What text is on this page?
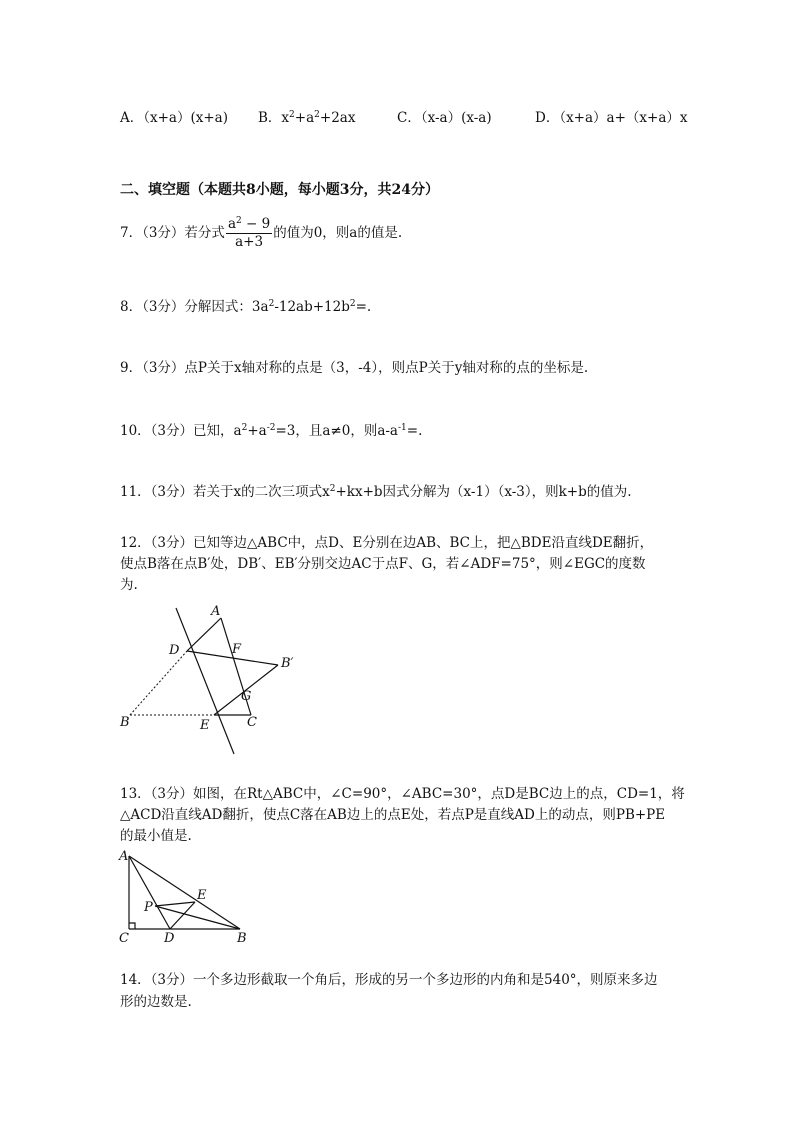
A．（x+a）(x+a) B．$x^2+a^2+2ax$	C．（x-a）(x-a)	D．（x+a）a+（x+a）x
二、填空题（本题共8小题，每小题3分，共24分）
7．（3分）若分式 $\frac{a^2 - 9}{a+3}$ 的值为0，则a的值是.
8．（3分）分解因式：$3a^2-12ab+12b^2=$.
9．（3分）点P关于x轴对称的点是（3，-4），则点P关于y轴对称的点的坐标是.
10．（3分）已知，$a^2+a^{-2}=3$，且a≠0，则$a-a^{-1}=$.
11．（3分）若关于x的二次三项式$x^2+kx+b$因式分解为（x-1）（x-3），则k+b的值为.
12．（3分）已知等边△ABC中，点D、E分别在边AB、BC上，把△BDE沿直线DE翻折，
使点B落在点B′处，DB′、EB′分别交边AC于点F、G，若∠ADF=75°，则∠EGC的度数
为.
A
D	F
B′
G
B	E	C
13．（3分）如图，在Rt△ABC中，∠C=90°，∠ABC=30°，点D是BC边上的点，CD=1，将
△ACD沿直线AD翻折，使点C落在AB边上的点E处，若点P是直线AD上的动点，则PB+PE
的最小值是.
A
E
P
C	D	B
14．（3分）一个多边形截取一个角后，形成的另一个多边形的内角和是540°，则原来多边
形的边数是.
